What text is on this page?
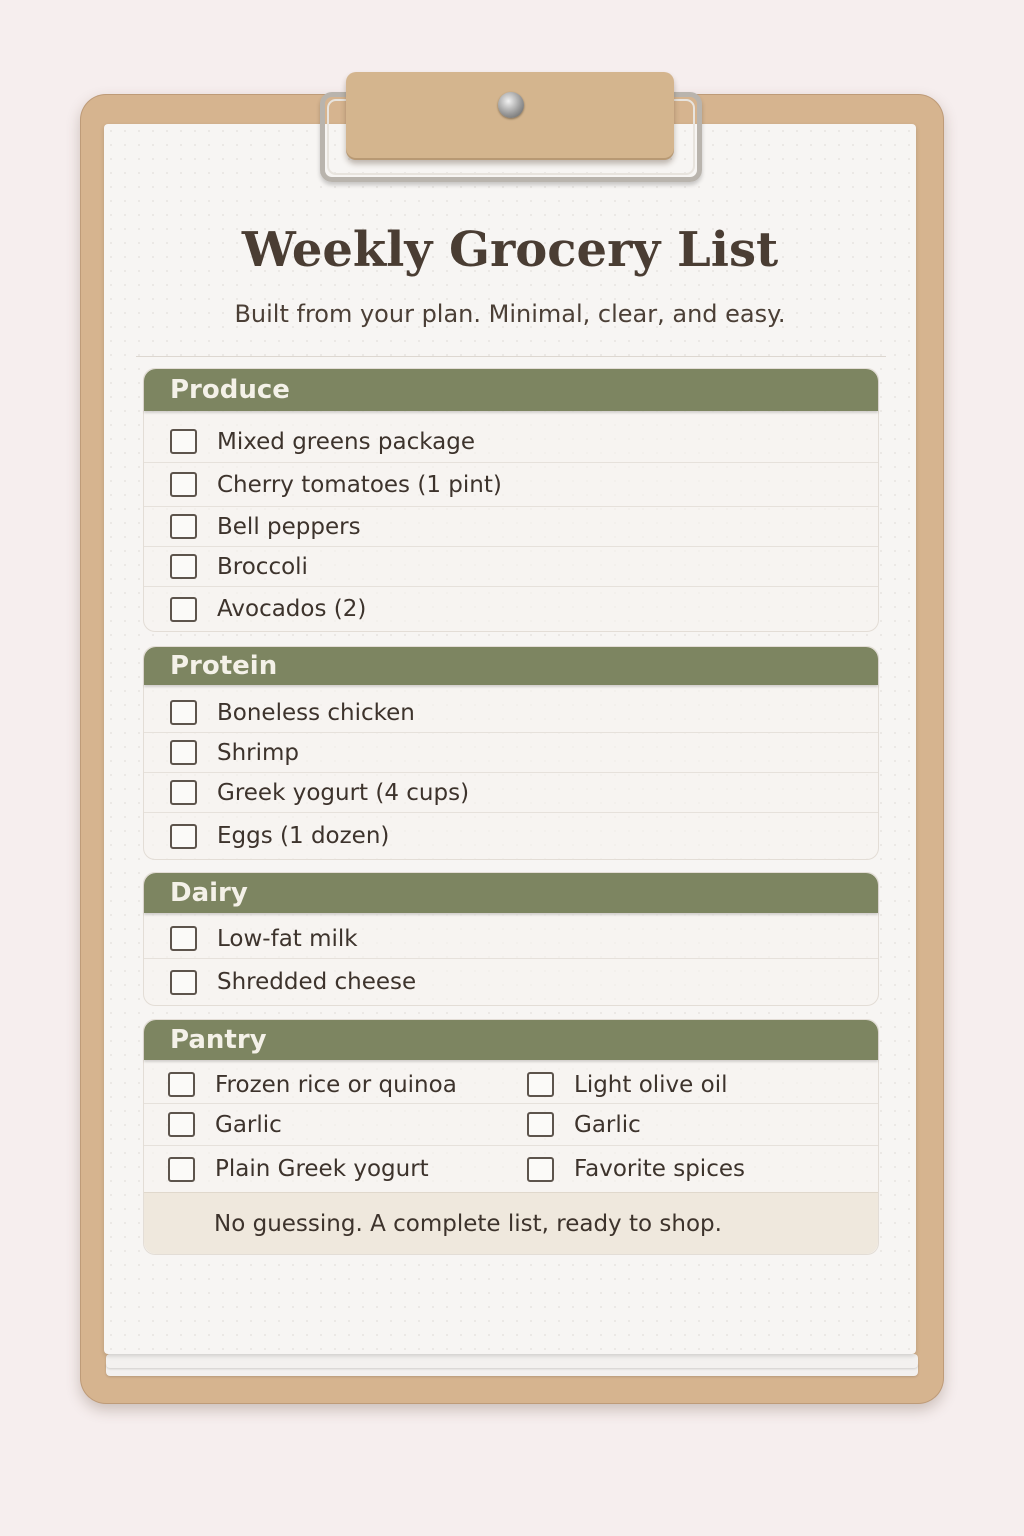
Weekly Grocery List
Built from your plan. Minimal, clear, and easy.
Produce
Mixed greens package
Cherry tomatoes (1 pint)
Bell peppers
Broccoli
Avocados (2)
Protein
Boneless chicken
Shrimp
Greek yogurt (4 cups)
Eggs (1 dozen)
Dairy
Low-fat milk
Shredded cheese
Pantry
Frozen rice or quinoa
Garlic
Plain Greek yogurt
Light olive oil
Garlic
Favorite spices
No guessing. A complete list, ready to shop.
